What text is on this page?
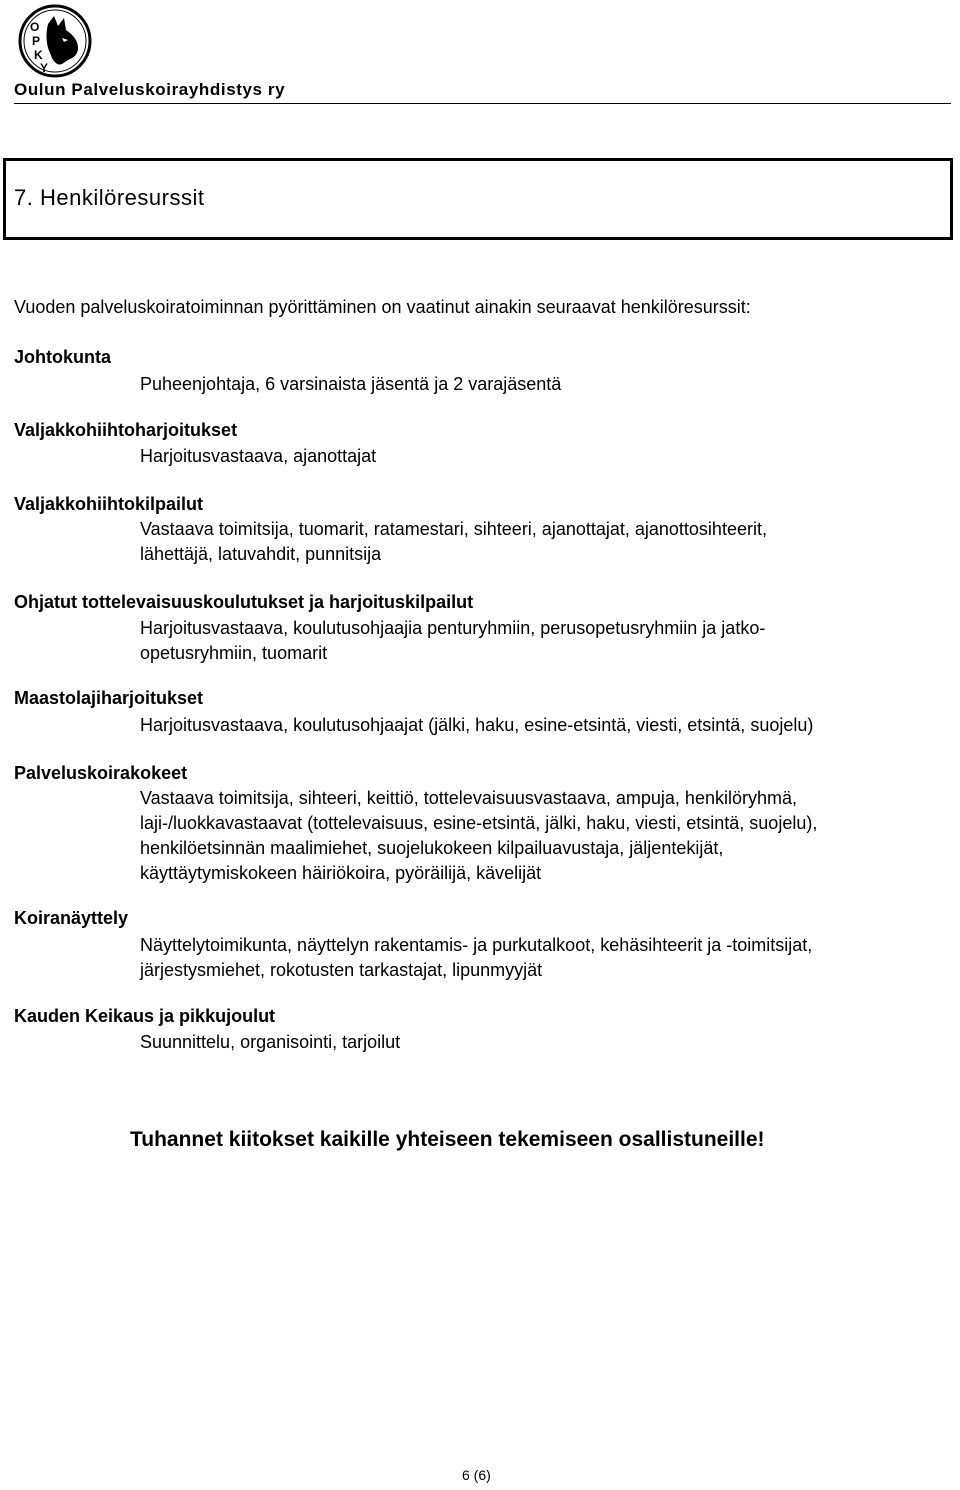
O
P
K
Y
Oulun Palveluskoirayhdistys ry
7. Henkilöresurssit
Vuoden palveluskoiratoiminnan pyörittäminen on vaatinut ainakin seuraavat henkilöresurssit:
Johtokunta
Puheenjohtaja, 6 varsinaista jäsentä ja 2 varajäsentä
Valjakkohiihtoharjoitukset
Harjoitusvastaava, ajanottajat
Valjakkohiihtokilpailut
Vastaava toimitsija, tuomarit, ratamestari, sihteeri, ajanottajat, ajanottosihteerit,
lähettäjä, latuvahdit, punnitsija
Ohjatut tottelevaisuuskoulutukset ja harjoituskilpailut
Harjoitusvastaava, koulutusohjaajia penturyhmiin, perusopetusryhmiin ja jatko-
opetusryhmiin, tuomarit
Maastolajiharjoitukset
Harjoitusvastaava, koulutusohjaajat (jälki, haku, esine-etsintä, viesti, etsintä, suojelu)
Palveluskoirakokeet
Vastaava toimitsija, sihteeri, keittiö, tottelevaisuusvastaava, ampuja, henkilöryhmä,
laji-/luokkavastaavat (tottelevaisuus, esine-etsintä, jälki, haku, viesti, etsintä, suojelu),
henkilöetsinnän maalimiehet, suojelukokeen kilpailuavustaja, jäljentekijät,
käyttäytymiskokeen häiriökoira, pyöräilijä, kävelijät
Koiranäyttely
Näyttelytoimikunta, näyttelyn rakentamis- ja purkutalkoot, kehäsihteerit ja -toimitsijat,
järjestysmiehet, rokotusten tarkastajat, lipunmyyjät
Kauden Keikaus ja pikkujoulut
Suunnittelu, organisointi, tarjoilut
Tuhannet kiitokset kaikille yhteiseen tekemiseen osallistuneille!
6 (6)
